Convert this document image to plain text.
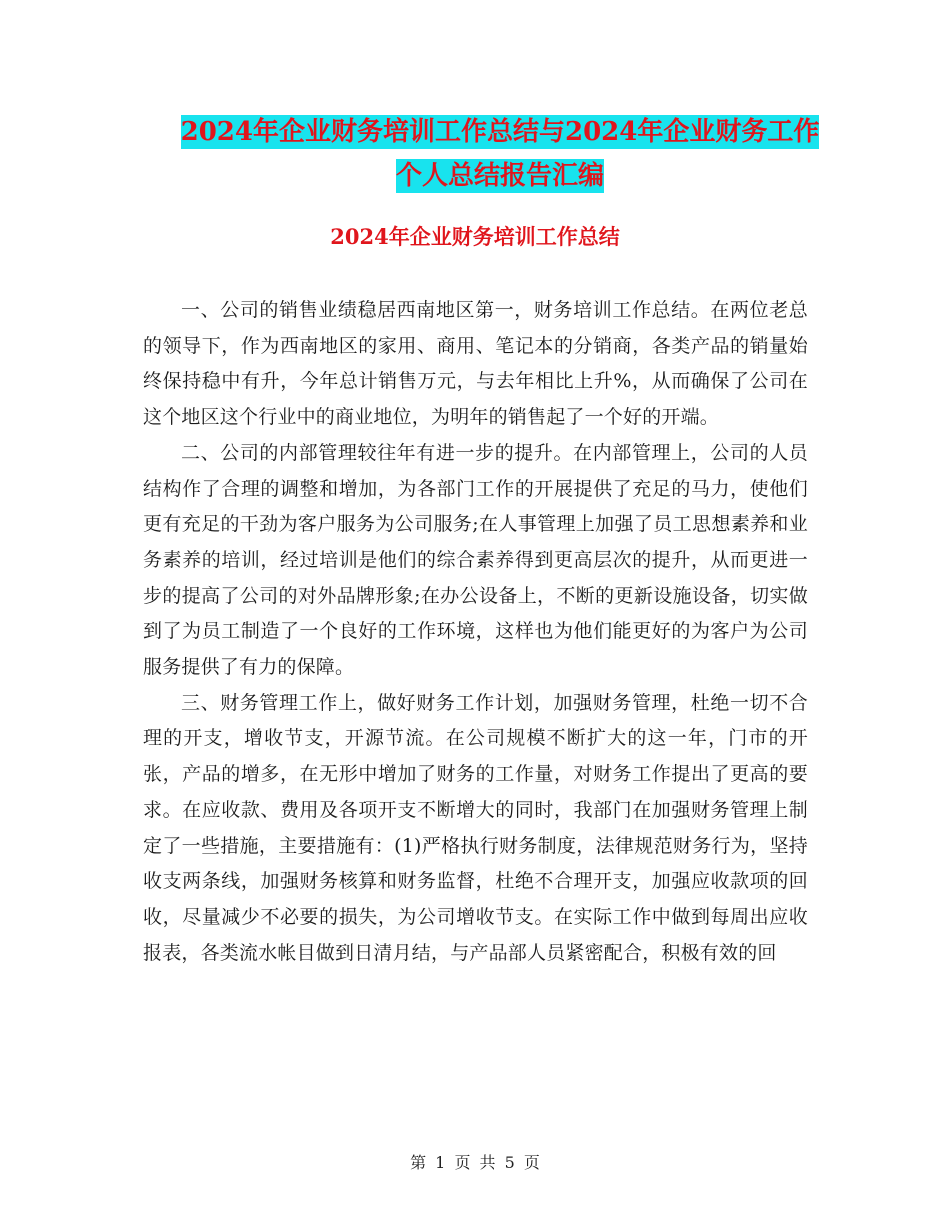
2024年企业财务培训工作总结与2024年企业财务工作
个人总结报告汇编
2024年企业财务培训工作总结

一、公司的销售业绩稳居西南地区第一，财务培训工作总结。在两位老总的领导下，作为西南地区的家用、商用、笔记本的分销商，各类产品的销量始终保持稳中有升，今年总计销售万元，与去年相比上升%，从而确保了公司在这个地区这个行业中的商业地位，为明年的销售起了一个好的开端。

二、公司的内部管理较往年有进一步的提升。在内部管理上，公司的人员结构作了合理的调整和增加，为各部门工作的开展提供了充足的马力，使他们更有充足的干劲为客户服务为公司服务;在人事管理上加强了员工思想素养和业务素养的培训，经过培训是他们的综合素养得到更高层次的提升，从而更进一步的提高了公司的对外品牌形象;在办公设备上，不断的更新设施设备，切实做到了为员工制造了一个良好的工作环境，这样也为他们能更好的为客户为公司服务提供了有力的保障。

三、财务管理工作上，做好财务工作计划，加强财务管理，杜绝一切不合理的开支，增收节支，开源节流。在公司规模不断扩大的这一年，门市的开张，产品的增多，在无形中增加了财务的工作量，对财务工作提出了更高的要求。在应收款、费用及各项开支不断增大的同时，我部门在加强财务管理上制定了一些措施，主要措施有：(1)严格执行财务制度，法律规范财务行为，坚持收支两条线，加强财务核算和财务监督，杜绝不合理开支，加强应收款项的回收，尽量减少不必要的损失，为公司增收节支。在实际工作中做到每周出应收报表，各类流水帐目做到日清月结，与产品部人员紧密配合，积极有效的回

第 1 页 共 5 页
